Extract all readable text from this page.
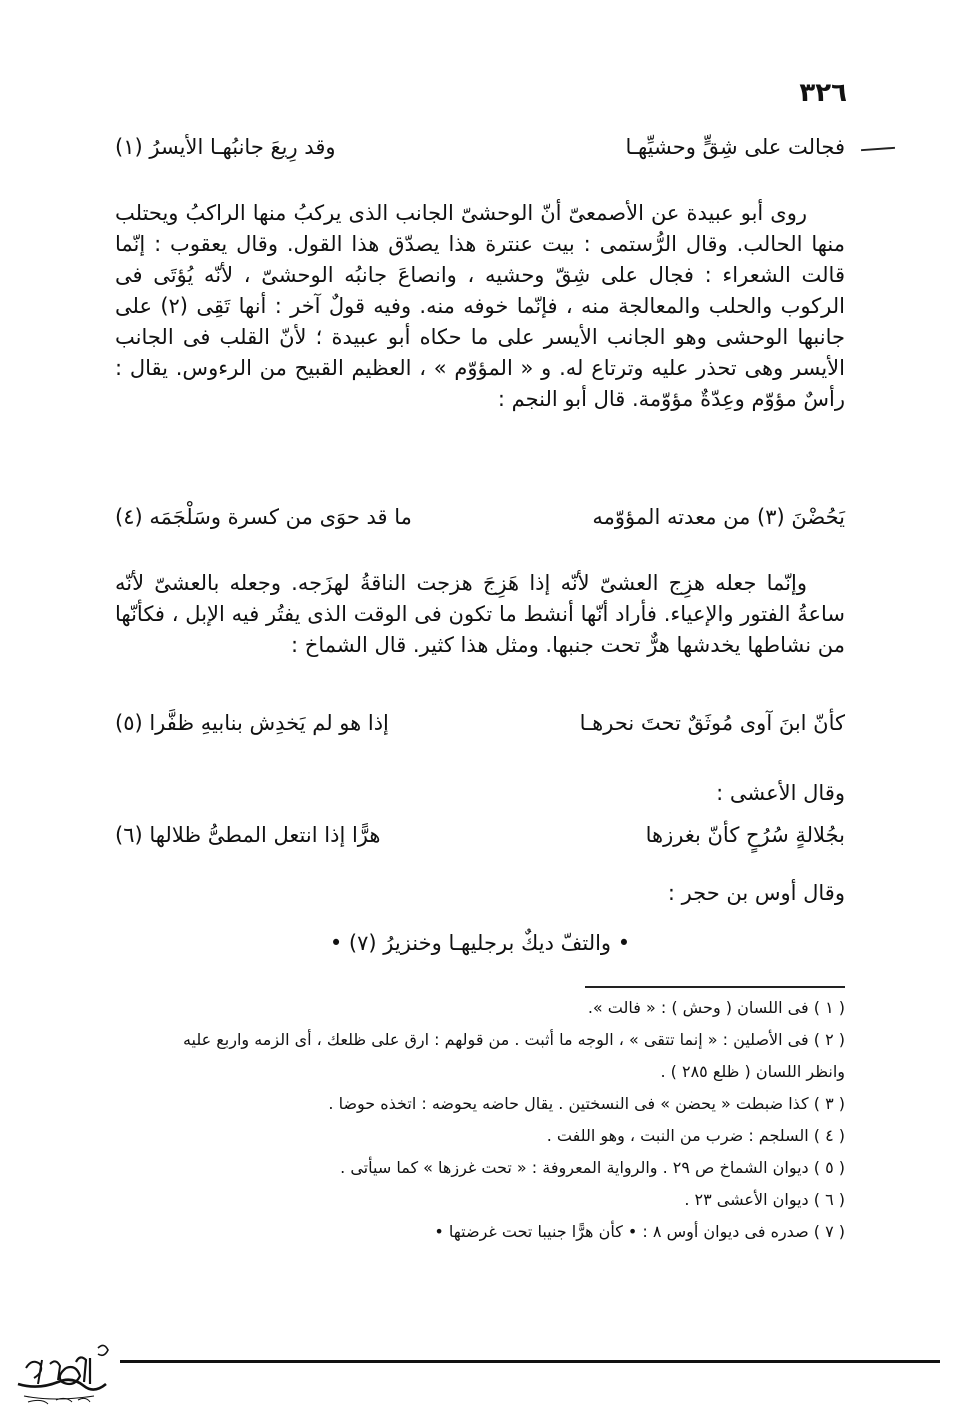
٣٢٦
فجالت على شِقٍّ وحشيِّهـا
وقد رِيعَ جانبُهـا الأيسرُ (١)

روى أبو عبيدة عن الأصمعىّ أنّ الوحشىّ الجانب الذى يركبُ منها الراكبُ ويحتلب منها الحالب. وقال الرُّستمى : بيت عنترة هذا يصدّق هذا القول. وقال يعقوب : إنّما قالت الشعراء : فجال على شِقّ وحشيه ، وانصاعَ جانبُه الوحشىّ ، لأنّه يُؤتَى فى الركوب والحلب والمعالجة منه ، فإنّما خوفه منه. وفيه قولٌ آخر : أنها تَقِى (٢) على جانبها الوحشى وهو الجانب الأيسر على ما حكاه أبو عبيدة ؛ لأنّ القلب فى الجانب الأيسر وهى تحذر عليه وترتاع له. و « المؤوّم » ، العظيم القبيح من الرءوس. يقال : رأسٌ مؤوّم وعِدّةٌ مؤوّمة. قال أبو النجم :

يَحُضْنَ (٣) من معدته المؤوّمه
ما قد حوَى من كسرة وسَلْجَمَه (٤)

وإنّما جعله هزِج العشىّ لأنّه إذا هَزِجَ هزجت الناقةُ لهزَجه. وجعله بالعشىّ لأنّه ساعةُ الفتور والإعياء. فأراد أنّها أنشط ما تكون فى الوقت الذى يفتُر فيه الإبل ، فكأنّها من نشاطها يخدشها هرٌّ تحت جنبها. ومثل هذا كثير. قال الشماخ :

كأنّ ابنَ آوى مُوثَقٌ تحتَ نحرهـا
إذا هو لم يَخدِش بنابيهِ ظفَّرا (٥)
وقال الأعشى :
بجُلالةٍ سُرُحٍ كأنّ بغرزها
هرًّا إذا انتعل المطىُّ ظلالها (٦)
وقال أوس بن حجر :
• والتفّ ديكٌ برجليهـا وخنزيرُ (٧) •

( ١ ) فى اللسان ( وحش ) : « فالت ».

( ٢ ) فى الأصلين : « إنما تتقى » ، الوجه ما أثبت . من قولهم : ارق على ظلعك ، أى الزمه واربع عليه

وانظر اللسان ( ظلع ٢٨٥ ) .

( ٣ ) كذا ضبطت « يحضن » فى النسختين . يقال حاضه يحوضه : اتخذه حوضا .

( ٤ ) السلجم : ضرب من النبت ، وهو اللفت .

( ٥ ) ديوان الشماخ ص ٢٩ . والرواية المعروفة : « تحت غرزها » كما سيأتى .

( ٦ ) ديوان الأعشى ٢٣ .

( ٧ ) صدره فى ديوان أوس ٨ : • كأن هرًّا جنيبا تحت غرضتها •
